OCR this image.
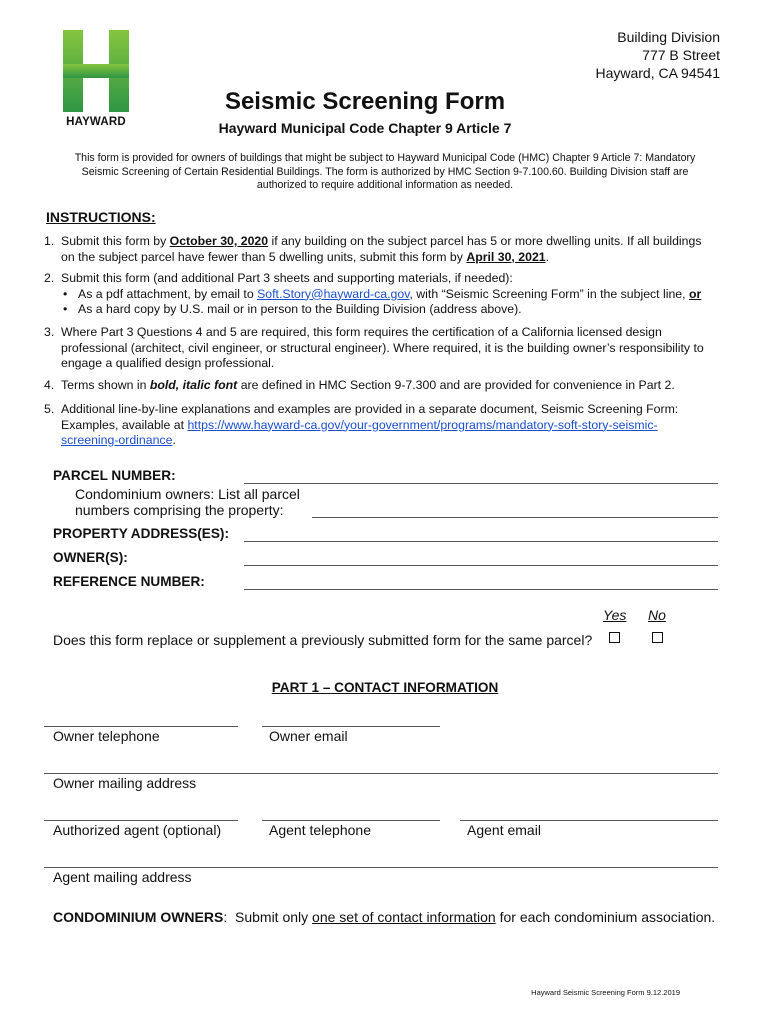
HAYWARD
Building Division
777 B Street
Hayward, CA 94541
Seismic Screening Form
Hayward Municipal Code Chapter 9 Article 7
This form is provided for owners of buildings that might be subject to Hayward Municipal Code (HMC) Chapter 9 Article 7: Mandatory
Seismic Screening of Certain Residential Buildings. The form is authorized by HMC Section 9-7.100.60. Building Division staff are
authorized to require additional information as needed.
INSTRUCTIONS:
1. Submit this form by October 30, 2020 if any building on the subject parcel has 5 or more dwelling units. If all buildings
on the subject parcel have fewer than 5 dwelling units, submit this form by April 30, 2021.
2. Submit this form (and additional Part 3 sheets and supporting materials, if needed):
• As a pdf attachment, by email to Soft.Story@hayward-ca.gov, with “Seismic Screening Form” in the subject line, or
• As a hard copy by U.S. mail or in person to the Building Division (address above).
3. Where Part 3 Questions 4 and 5 are required, this form requires the certification of a California licensed design
professional (architect, civil engineer, or structural engineer). Where required, it is the building owner’s responsibility to
engage a qualified design professional.
4. Terms shown in bold, italic font are defined in HMC Section 9-7.300 and are provided for convenience in Part 2.
5. Additional line-by-line explanations and examples are provided in a separate document, Seismic Screening Form:
Examples, available at https://www.hayward-ca.gov/your-government/programs/mandatory-soft-story-seismic-
screening-ordinance.
PARCEL NUMBER:
Condominium owners: List all parcel
numbers comprising the property:
PROPERTY ADDRESS(ES):
OWNER(S):
REFERENCE NUMBER:
Yes No
Does this form replace or supplement a previously submitted form for the same parcel?
PART 1 – CONTACT INFORMATION
Owner telephone	Owner email
Owner mailing address
Authorized agent (optional)	Agent telephone	Agent email
Agent mailing address
CONDOMINIUM OWNERS:  Submit only one set of contact information for each condominium association.
Hayward Seismic Screening Form 9.12.2019
